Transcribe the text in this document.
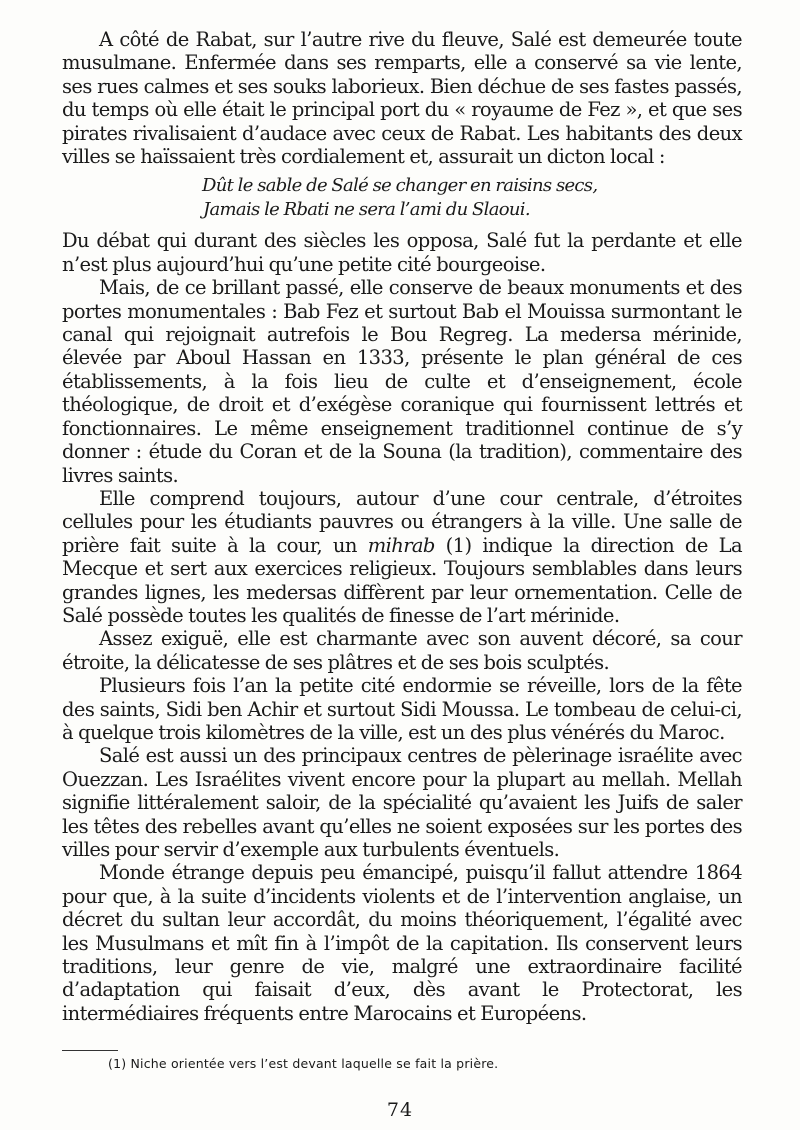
A côté de Rabat, sur l’autre rive du fleuve, Salé est demeurée toute musulmane. Enfermée dans ses remparts, elle a conservé sa vie lente, ses rues calmes et ses souks laborieux. Bien déchue de ses fastes passés, du temps où elle était le principal port du « royaume de Fez », et que ses pirates rivalisaient d’audace avec ceux de Rabat. Les habitants des deux villes se haïssaient très cordialement et, assurait un dicton local :

Dût le sable de Salé se changer en raisins secs,
Jamais le Rbati ne sera l’ami du Slaoui.

Du débat qui durant des siècles les opposa, Salé fut la perdante et elle n’est plus aujourd’hui qu’une petite cité bourgeoise.

Mais, de ce brillant passé, elle conserve de beaux monuments et des portes monumentales : Bab Fez et surtout Bab el Mouissa surmontant le canal qui rejoignait autrefois le Bou Regreg. La medersa mérinide, élevée par Aboul Hassan en 1333, présente le plan général de ces établissements, à la fois lieu de culte et d’enseignement, école théologique, de droit et d’exégèse coranique qui fournissent lettrés et fonctionnaires. Le même enseignement traditionnel continue de s’y donner : étude du Coran et de la Souna (la tradition), commentaire des livres saints.

Elle comprend toujours, autour d’une cour centrale, d’étroites cellules pour les étudiants pauvres ou étrangers à la ville. Une salle de prière fait suite à la cour, un mihrab (1) indique la direction de La Mecque et sert aux exercices religieux. Toujours semblables dans leurs grandes lignes, les medersas diffèrent par leur ornementation. Celle de Salé possède toutes les qualités de finesse de l’art mérinide.

Assez exiguë, elle est charmante avec son auvent décoré, sa cour étroite, la délicatesse de ses plâtres et de ses bois sculptés.

Plusieurs fois l’an la petite cité endormie se réveille, lors de la fête des saints, Sidi ben Achir et surtout Sidi Moussa. Le tombeau de celui-ci, à quelque trois kilomètres de la ville, est un des plus vénérés du Maroc.

Salé est aussi un des principaux centres de pèlerinage israélite avec Ouezzan. Les Israélites vivent encore pour la plupart au mellah. Mellah signifie littéralement saloir, de la spécialité qu’avaient les Juifs de saler les têtes des rebelles avant qu’elles ne soient exposées sur les portes des villes pour servir d’exemple aux turbulents éventuels.

Monde étrange depuis peu émancipé, puisqu’il fallut attendre 1864 pour que, à la suite d’incidents violents et de l’intervention anglaise, un décret du sultan leur accordât, du moins théoriquement, l’égalité avec les Musulmans et mît fin à l’impôt de la capitation. Ils conservent leurs traditions, leur genre de vie, malgré une extraordinaire facilité d’adaptation qui faisait d’eux, dès avant le Protectorat, les intermédiaires fréquents entre Marocains et Européens.

(1) Niche orientée vers l’est devant laquelle se fait la prière.
74
